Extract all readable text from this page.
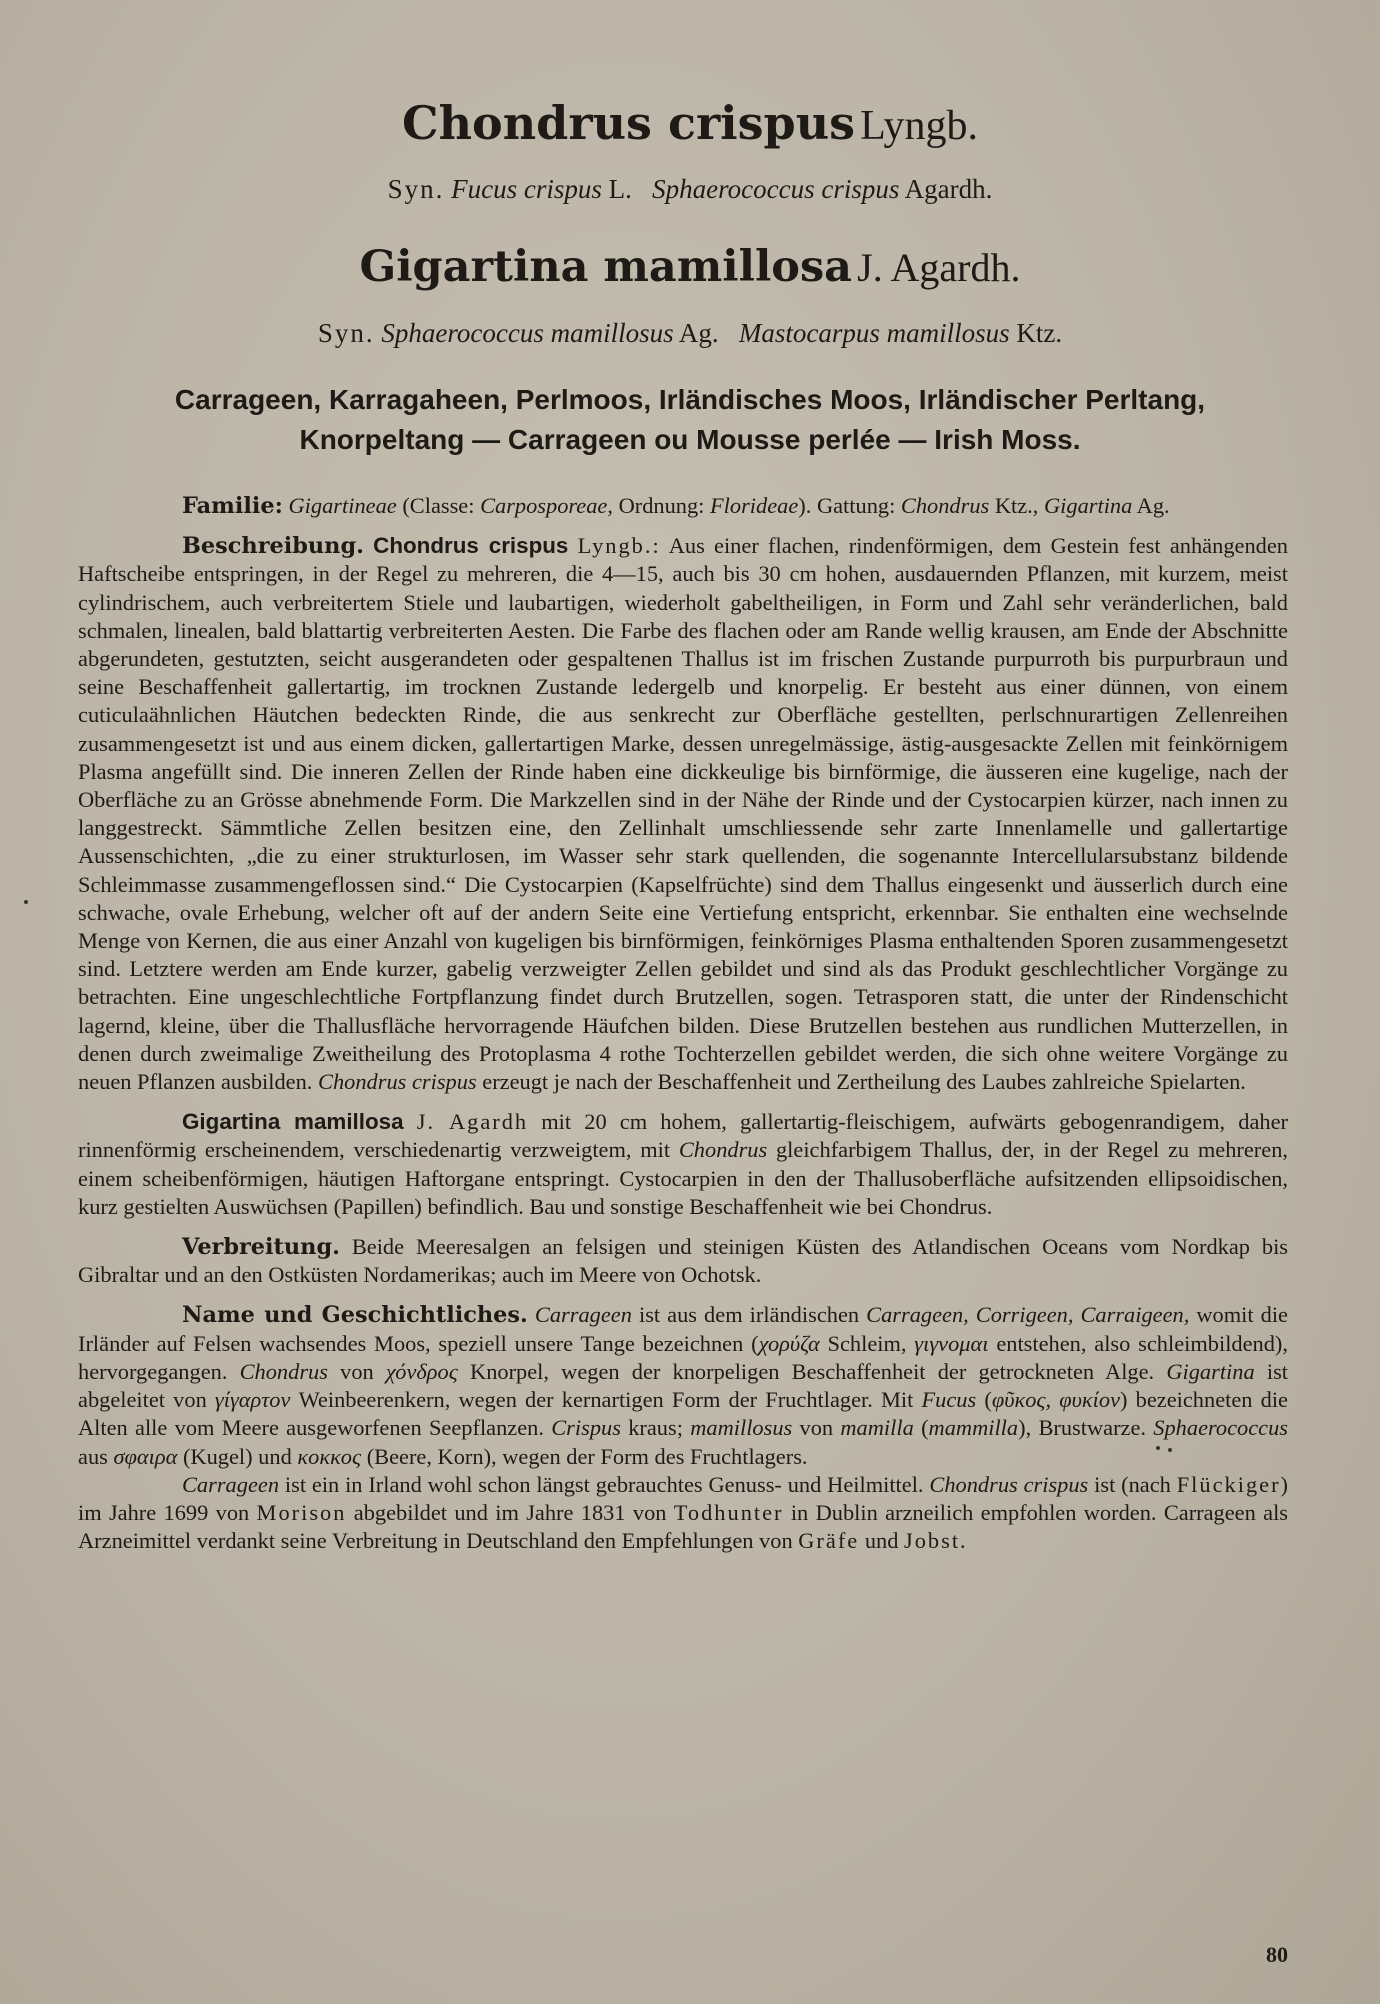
Chondrus crispus Lyngb.
Syn. Fucus crispus L. Sphaerococcus crispus Agardh.
Gigartina mamillosa J. Agardh.
Syn. Sphaerococcus mamillosus Ag. Mastocarpus mamillosus Ktz.
Carrageen, Karragaheen, Perlmoos, Irländisches Moos, Irländischer Perltang,
Knorpeltang — Carrageen ou Mousse perlée — Irish Moss.

Familie: Gigartineae (Classe: Carposporeae, Ordnung: Florideae). Gattung: Chondrus Ktz., Gigartina Ag.

Beschreibung. Chondrus crispus Lyngb.: Aus einer flachen, rindenförmigen, dem Gestein fest anhängenden Haftscheibe entspringen, in der Regel zu mehreren, die 4—15, auch bis 30 cm hohen, ausdauernden Pflanzen, mit kurzem, meist cylindrischem, auch verbreitertem Stiele und laubartigen, wiederholt gabeltheiligen, in Form und Zahl sehr veränderlichen, bald schmalen, linealen, bald blattartig verbreiterten Aesten. Die Farbe des flachen oder am Rande wellig krausen, am Ende der Abschnitte abgerundeten, gestutzten, seicht ausgerandeten oder gespaltenen Thallus ist im frischen Zustande purpurroth bis purpurbraun und seine Beschaffenheit gallertartig, im trocknen Zustande ledergelb und knorpelig. Er besteht aus einer dünnen, von einem cuticulaähnlichen Häutchen bedeckten Rinde, die aus senkrecht zur Oberfläche gestellten, perlschnurartigen Zellenreihen zusammengesetzt ist und aus einem dicken, gallertartigen Marke, dessen unregelmässige, ästig-ausgesackte Zellen mit feinkörnigem Plasma angefüllt sind. Die inneren Zellen der Rinde haben eine dickkeulige bis birnförmige, die äusseren eine kugelige, nach der Oberfläche zu an Grösse abnehmende Form. Die Markzellen sind in der Nähe der Rinde und der Cystocarpien kürzer, nach innen zu langgestreckt. Sämmtliche Zellen besitzen eine, den Zellinhalt umschliessende sehr zarte Innenlamelle und gallertartige Aussenschichten, „die zu einer strukturlosen, im Wasser sehr stark quellenden, die sogenannte Intercellularsubstanz bildende Schleimmasse zusammengeflossen sind.“ Die Cystocarpien (Kapselfrüchte) sind dem Thallus eingesenkt und äusserlich durch eine schwache, ovale Erhebung, welcher oft auf der andern Seite eine Vertiefung entspricht, erkennbar. Sie enthalten eine wechselnde Menge von Kernen, die aus einer Anzahl von kugeligen bis birnförmigen, feinkörniges Plasma enthaltenden Sporen zusammengesetzt sind. Letztere werden am Ende kurzer, gabelig verzweigter Zellen gebildet und sind als das Produkt geschlechtlicher Vorgänge zu betrachten. Eine ungeschlechtliche Fortpflanzung findet durch Brutzellen, sogen. Tetrasporen statt, die unter der Rindenschicht lagernd, kleine, über die Thallusfläche hervorragende Häufchen bilden. Diese Brutzellen bestehen aus rundlichen Mutterzellen, in denen durch zweimalige Zweitheilung des Protoplasma 4 rothe Tochterzellen gebildet werden, die sich ohne weitere Vorgänge zu neuen Pflanzen ausbilden. Chondrus crispus erzeugt je nach der Beschaffenheit und Zertheilung des Laubes zahlreiche Spielarten.

Gigartina mamillosa J. Agardh mit 20 cm hohem, gallertartig-fleischigem, aufwärts gebogenrandigem, daher rinnenförmig erscheinendem, verschiedenartig verzweigtem, mit Chondrus gleichfarbigem Thallus, der, in der Regel zu mehreren, einem scheibenförmigen, häutigen Haftorgane entspringt. Cystocarpien in den der Thallusoberfläche aufsitzenden ellipsoidischen, kurz gestielten Auswüchsen (Papillen) befindlich. Bau und sonstige Beschaffenheit wie bei Chondrus.

Verbreitung. Beide Meeresalgen an felsigen und steinigen Küsten des Atlandischen Oceans vom Nordkap bis Gibraltar und an den Ostküsten Nordamerikas; auch im Meere von Ochotsk.

Name und Geschichtliches. Carrageen ist aus dem irländischen Carrageen, Corrigeen, Carraigeen, womit die Irländer auf Felsen wachsendes Moos, speziell unsere Tange bezeichnen (χορύζα Schleim, γιγνομαι entstehen, also schleimbildend), hervorgegangen. Chondrus von χόνδρος Knorpel, wegen der knorpeligen Beschaffenheit der getrockneten Alge. Gigartina ist abgeleitet von γίγαρτον Weinbeerenkern, wegen der kernartigen Form der Fruchtlager. Mit Fucus (φῦκος, φυκίον) bezeichneten die Alten alle vom Meere ausgeworfenen Seepflanzen. Crispus kraus; mamillosus von mamilla (mammilla), Brustwarze. Sphaerococcus aus σφαιρα (Kugel) und κοκκος (Beere, Korn), wegen der Form des Fruchtlagers.

Carrageen ist ein in Irland wohl schon längst gebrauchtes Genuss- und Heilmittel. Chondrus crispus ist (nach Flückiger) im Jahre 1699 von Morison abgebildet und im Jahre 1831 von Todhunter in Dublin arzneilich empfohlen worden. Carrageen als Arzneimittel verdankt seine Verbreitung in Deutschland den Empfehlungen von Gräfe und Jobst.

80
